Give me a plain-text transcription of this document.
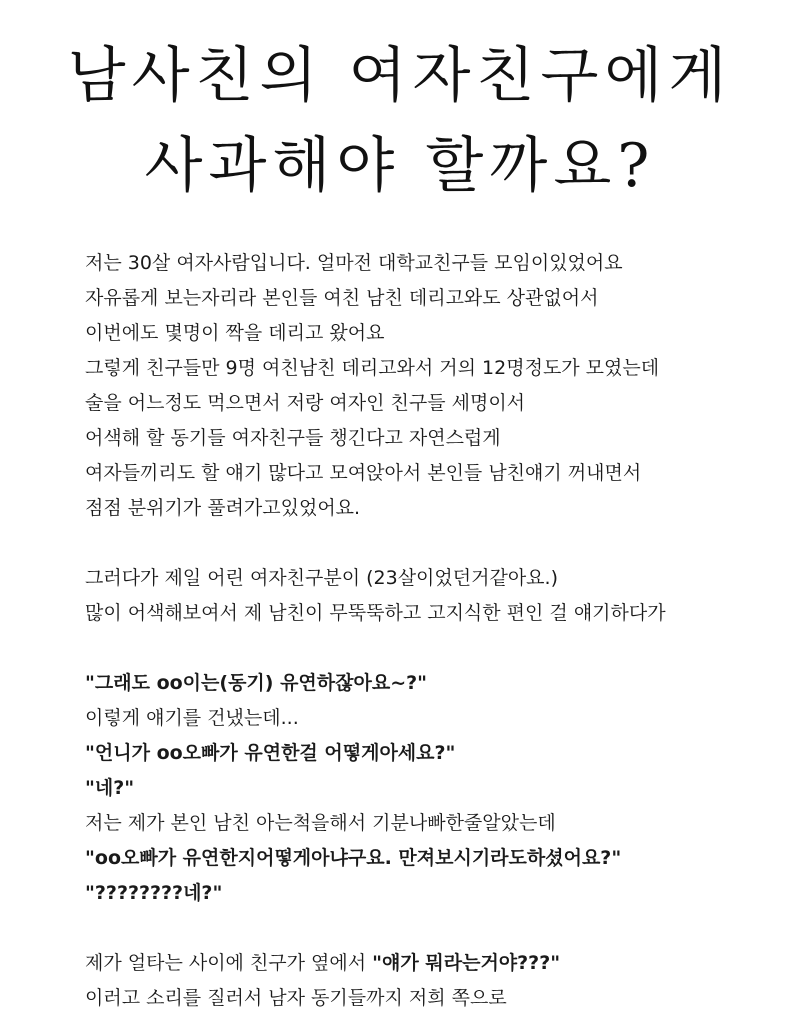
남사친의 여자친구에게
사과해야 할까요?

저는 30살 여자사람입니다. 얼마전 대학교친구들 모임이있었어요

자유롭게 보는자리라 본인들 여친 남친 데리고와도 상관없어서

이번에도 몇명이 짝을 데리고 왔어요

그렇게 친구들만 9명 여친남친 데리고와서 거의 12명정도가 모였는데

술을 어느정도 먹으면서 저랑 여자인 친구들 세명이서

어색해 할 동기들 여자친구들 챙긴다고 자연스럽게

여자들끼리도 할 얘기 많다고 모여앉아서 본인들 남친얘기 꺼내면서

점점 분위기가 풀려가고있었어요.

그러다가 제일 어린 여자친구분이 (23살이었던거같아요.)

많이 어색해보여서 제 남친이 무뚝뚝하고 고지식한 편인 걸 얘기하다가

"그래도 oo이는(동기) 유연하잖아요~?"

이렇게 얘기를 건냈는데...

"언니가 oo오빠가 유연한걸 어떻게아세요?"

"네?"

저는 제가 본인 남친 아는척을해서 기분나빠한줄알았는데

"oo오빠가 유연한지어떻게아냐구요. 만져보시기라도하셨어요?"

"????????네?"

제가 얼타는 사이에 친구가 옆에서 "얘가 뭐라는거야???"

이러고 소리를 질러서 남자 동기들까지 저희 쪽으로
